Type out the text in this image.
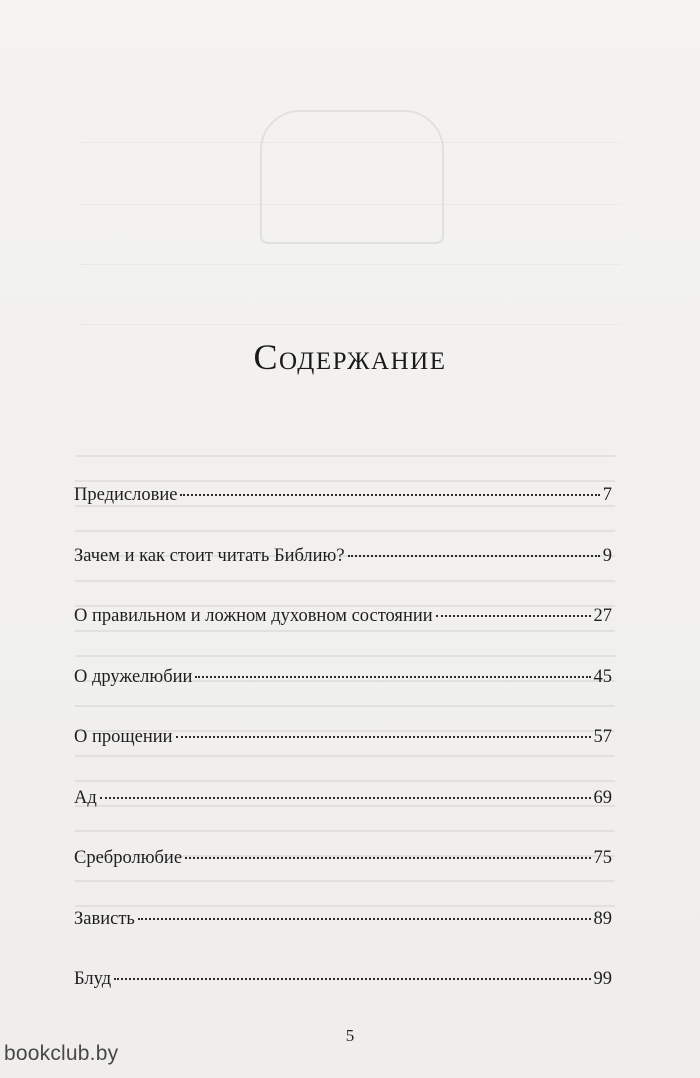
Содержание
Предисловие	7
Зачем и как стоит читать Библию?	9
О правильном и ложном духовном состоянии	27
О дружелюбии	45
О прощении	57
Ад	69
Сребролюбие	75
Зависть	89
Блуд	99
5
bookclub.by
